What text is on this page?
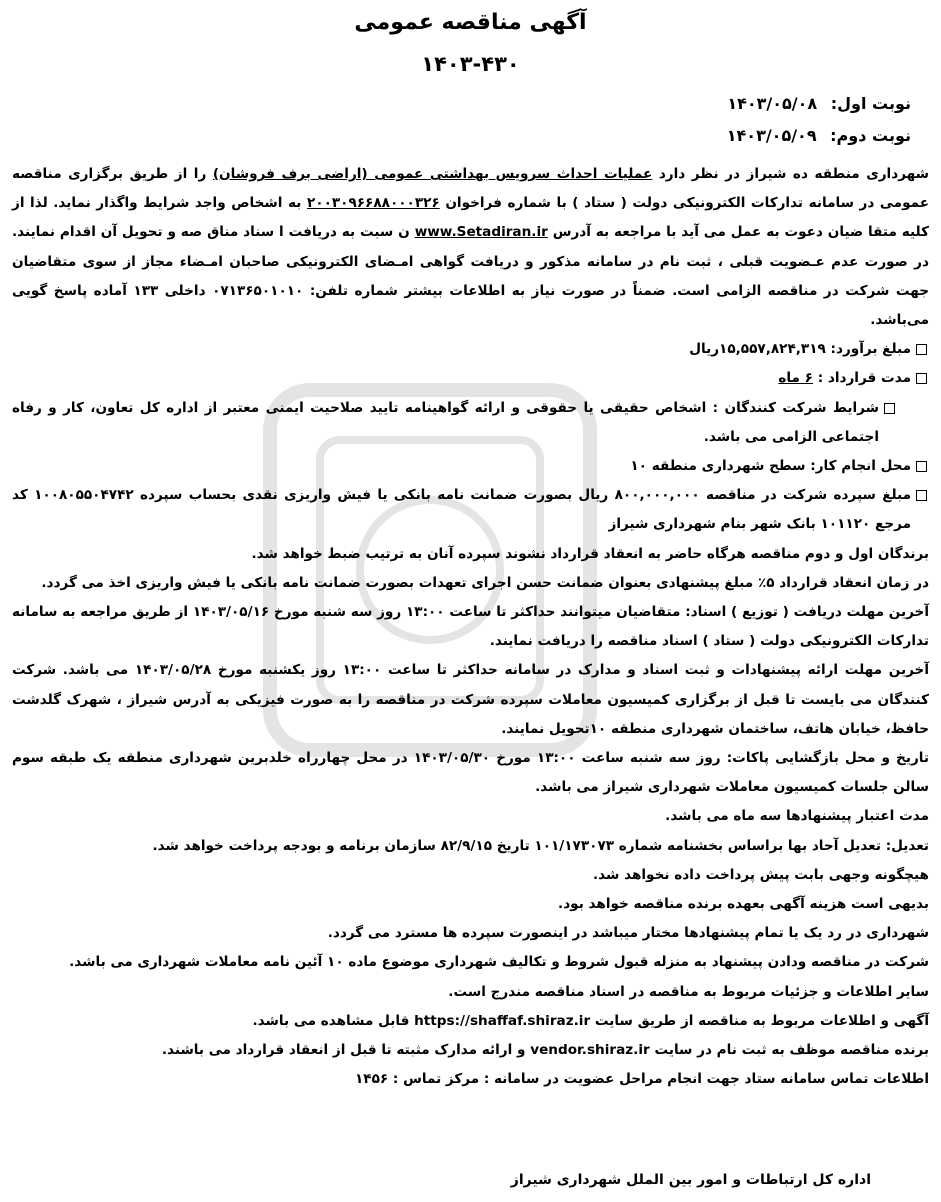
آگهی مناقصه عمومی
۱۴۰۳-۴۳۰
نوبت اول: ۱۴۰۳/۰۵/۰۸
نوبت دوم: ۱۴۰۳/۰۵/۰۹

شهرداری منطقه ده شیراز در نظر دارد عملیات احداث سرویس بهداشتی عمومی (اراضی برف فروشان) را از طریق برگزاری مناقصه عمومی در سامانه تدارکات الکترونیکی دولت ( ستاد ) با شماره فراخوان ۲۰۰۳۰۹۶۶۸۸۰۰۰۳۲۶ به اشخاص واجد شرایط واگذار نماید. لذا از کلیه متقا ضیان دعوت به عمل می آید با مراجعه به آدرس www.Setadiran.ir ن سبت به دریافت ا سناد مناق صه و تحویل آن اقدام نمایند. در صورت عدم عـضویت قبلی ، ثبت نام در سامانه مذکور و دریافت گواهی امـضای الکترونیکی صاحبان امـضاء مجاز از سوی متقاضیان جهت شرکت در مناقصه الزامی است. ضمناً در صورت نیاز به اطلاعات بیشتر شماره تلفن: ۰۷۱۳۶۵۰۱۰۱۰ داخلی ۱۳۳ آماده پاسخ گویی می‌باشد.

مبلغ برآورد: ۱۵,۵۵۷,۸۲۴,۳۱۹ریال
مدت قرارداد : ۶ ماه
شرایط شرکت کنندگان : اشخاص حقیقی یا حقوقی و ارائه گواهینامه تایید صلاحیت ایمنی معتبر از اداره کل تعاون، کار و رفاه اجتماعی الزامی می باشد.
محل انجام کار: سطح شهرداری منطقه ۱۰
مبلغ سپرده شرکت در مناقصه ۸۰۰,۰۰۰,۰۰۰ ریال بصورت ضمانت نامه بانکی یا فیش واریزی نقدی بحساب سپرده ۱۰۰۸۰۵۵۰۴۷۴۲ کد مرجع ۱۰۱۱۲۰ بانک شهر بنام شهرداری شیراز

برندگان اول و دوم مناقصه هرگاه حاضر به انعقاد قرارداد نشوند سپرده آنان به ترتیب ضبط خواهد شد.

در زمان انعقاد قرارداد ۵٪ مبلغ پیشنهادی بعنوان ضمانت حسن اجرای تعهدات بصورت ضمانت نامه بانکی یا فیش واریزی اخذ می گردد.

آخرین مهلت دریافت ( توزیع ) اسناد: متقاضیان میتوانند حداکثر تا ساعت ۱۳:۰۰ روز سه شنبه مورخ ۱۴۰۳/۰۵/۱۶ از طریق مراجعه به سامانه تدارکات الکترونیکی دولت ( ستاد ) اسناد مناقصه را دریافت نمایند.

آخرین مهلت ارائه پیشنهادات و ثبت اسناد و مدارک در سامانه حداکثر تا ساعت ۱۳:۰۰ روز یکشنبه مورخ ۱۴۰۳/۰۵/۲۸ می باشد. شرکت کنندگان می بایست تا قبل از برگزاری کمیسیون معاملات سپرده شرکت در مناقصه را به صورت فیزیکی به آدرس شیراز ، شهرک گلدشت حافظ، خیابان هاتف، ساختمان شهرداری منطقه ۱۰تحویل نمایند.

تاریخ و محل بازگشایی پاکات: روز سه شنبه ساعت ۱۳:۰۰ مورخ ۱۴۰۳/۰۵/۳۰ در محل چهارراه خلدبرین شهرداری منطقه یک طبقه سوم سالن جلسات کمیسیون معاملات شهرداری شیراز می باشد.

مدت اعتبار پیشنهادها سه ماه می باشد.

تعدیل: تعدیل آحاد بها براساس بخشنامه شماره ۱۰۱/۱۷۳۰۷۳ تاریخ ۸۲/۹/۱۵ سازمان برنامه و بودجه پرداخت خواهد شد.

هیچگونه وجهی بابت پیش پرداخت داده نخواهد شد.

بدیهی است هزینه آگهی بعهده برنده مناقصه خواهد بود.

شهرداری در رد یک یا تمام پیشنهادها مختار میباشد در اینصورت سپرده ها مسترد می گردد.

شرکت در مناقصه ودادن پیشنهاد به منزله قبول شروط و تکالیف شهرداری موضوع ماده ۱۰ آئین نامه معاملات شهرداری می باشد.

سایر اطلاعات و جزئیات مربوط به مناقصه در اسناد مناقصه مندرج است.

آگهی و اطلاعات مربوط به مناقصه از طریق سایت https://shaffaf.shiraz.ir قابل مشاهده می باشد.

برنده مناقصه موظف به ثبت نام در سایت vendor.shiraz.ir و ارائه مدارک مثبته تا قبل از انعقاد قرارداد می باشند.

اطلاعات تماس سامانه ستاد جهت انجام مراحل عضویت در سامانه : مرکز تماس : ۱۴۵۶

اداره کل ارتباطات و امور بین الملل شهرداری شیراز
